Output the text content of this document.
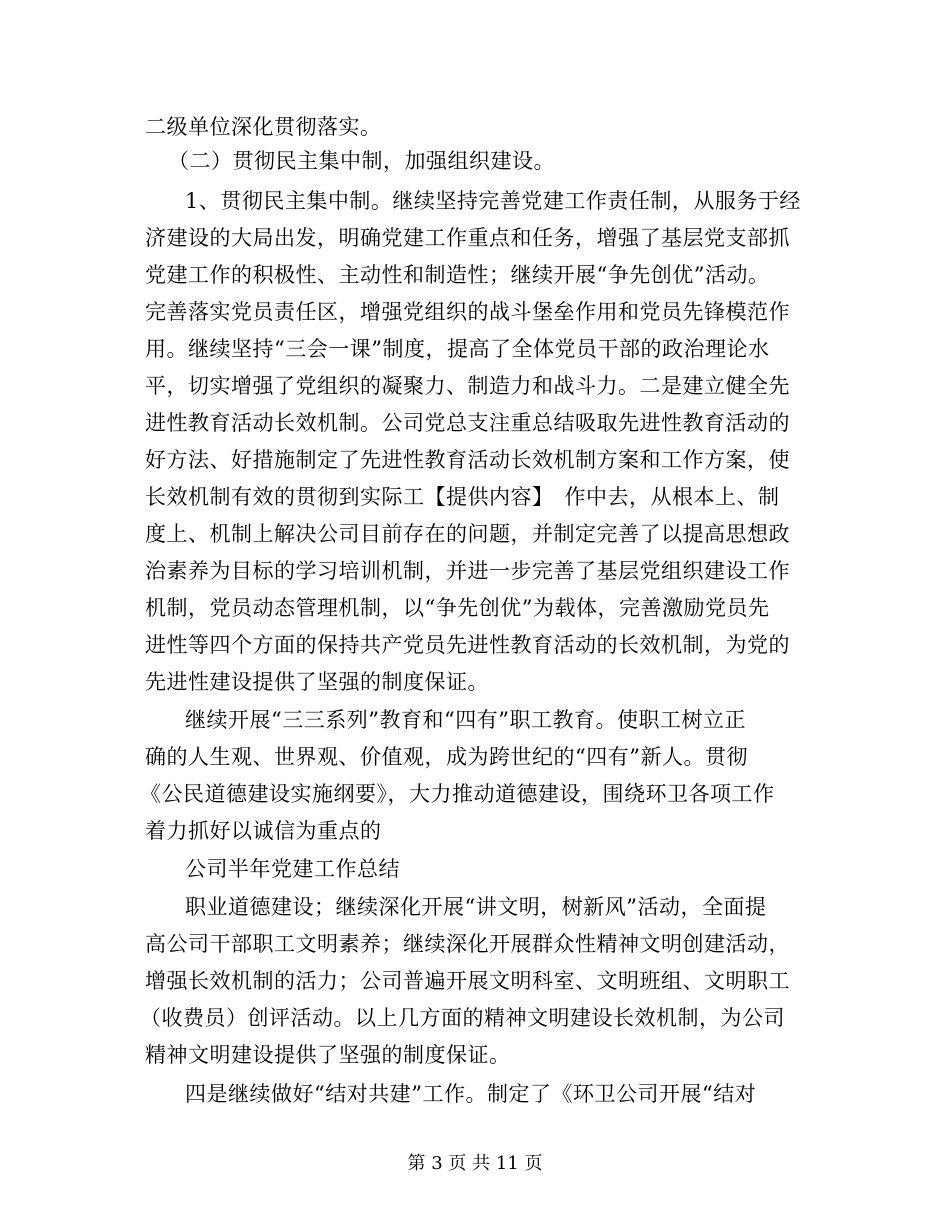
二级单位深化贯彻落实。
（二）贯彻民主集中制，加强组织建设。
1、贯彻民主集中制。继续坚持完善党建工作责任制，从服务于经
济建设的大局出发，明确党建工作重点和任务，增强了基层党支部抓
党建工作的积极性、主动性和制造性；继续开展“争先创优”活动。
完善落实党员责任区，增强党组织的战斗堡垒作用和党员先锋模范作
用。继续坚持“三会一课”制度，提高了全体党员干部的政治理论水
平，切实增强了党组织的凝聚力、制造力和战斗力。二是建立健全先
进性教育活动长效机制。公司党总支注重总结吸取先进性教育活动的
好方法、好措施制定了先进性教育活动长效机制方案和工作方案，使
长效机制有效的贯彻到实际工【提供内容】　作中去，从根本上、制
度上、机制上解决公司目前存在的问题，并制定完善了以提高思想政
治素养为目标的学习培训机制，并进一步完善了基层党组织建设工作
机制，党员动态管理机制，以“争先创优”为载体，完善激励党员先
进性等四个方面的保持共产党员先进性教育活动的长效机制，为党的
先进性建设提供了坚强的制度保证。
继续开展“三三系列”教育和“四有”职工教育。使职工树立正
确的人生观、世界观、价值观，成为跨世纪的“四有”新人。贯彻
《公民道德建设实施纲要》，大力推动道德建设，围绕环卫各项工作
着力抓好以诚信为重点的
公司半年党建工作总结
职业道德建设；继续深化开展“讲文明，树新风”活动，全面提
高公司干部职工文明素养；继续深化开展群众性精神文明创建活动，
增强长效机制的活力；公司普遍开展文明科室、文明班组、文明职工
（收费员）创评活动。以上几方面的精神文明建设长效机制，为公司
精神文明建设提供了坚强的制度保证。
四是继续做好“结对共建”工作。制定了《环卫公司开展“结对
第 3 页 共 11 页
